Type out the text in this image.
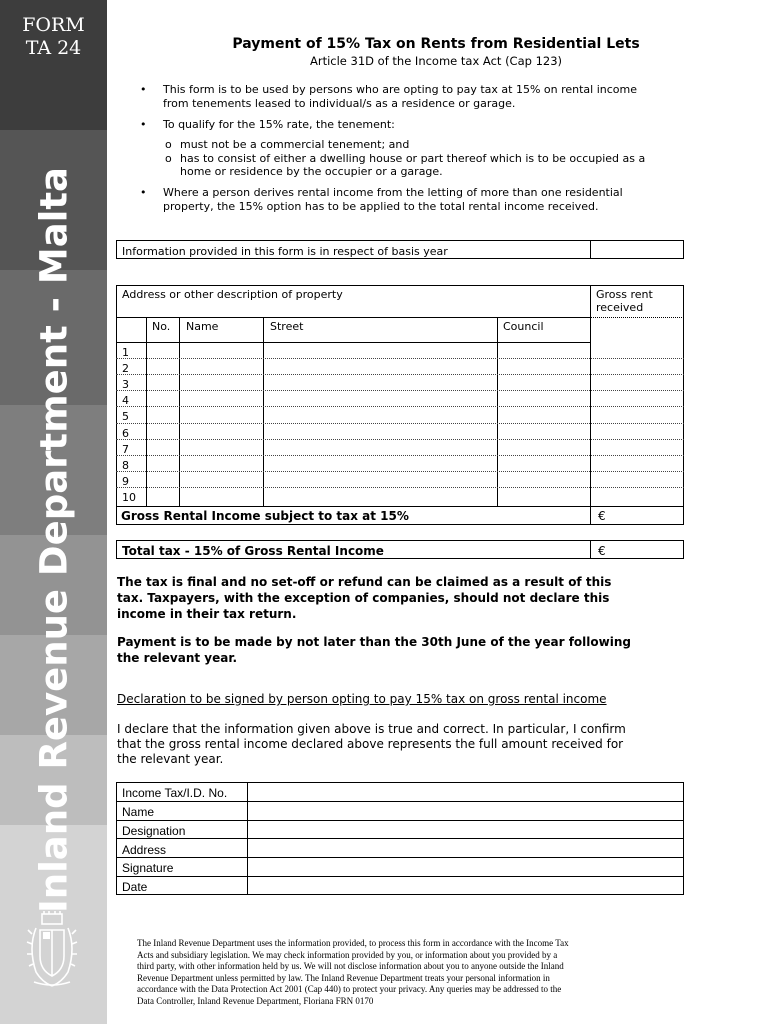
FORM
TA 24
Inland Revenue Department - Malta
Payment of 15% Tax on Rents from Residential Lets
Article 31D of the Income tax Act (Cap 123)
• This form is to be used by persons who are opting to pay tax at 15% on rental income
from tenements leased to individual/s as a residence or garage.
• To qualify for the 15% rate, the tenement:
o must not be a commercial tenement; and
o has to consist of either a dwelling house or part thereof which is to be occupied as a
home or residence by the occupier or a garage.
• Where a person derives rental income from the letting of more than one residential
property, the 15% option has to be applied to the total rental income received.
Information provided in this form is in respect of basis year
Address or other description of property	Gross rent
received
No. Name	Street	Council
1
2
3
4
5
6
7
8
9
10
Gross Rental Income subject to tax at 15%	€
Total tax - 15% of Gross Rental Income	€
The tax is final and no set-off or refund can be claimed as a result of this
tax. Taxpayers, with the exception of companies, should not declare this
income in their tax return.
Payment is to be made by not later than the 30th June of the year following
the relevant year.
Declaration to be signed by person opting to pay 15% tax on gross rental income
I declare that the information given above is true and correct. In particular, I confirm
that the gross rental income declared above represents the full amount received for
the relevant year.
Income Tax/I.D. No.
Name
Designation
Address
Signature
Date
The Inland Revenue Department uses the information provided, to process this form in accordance with the Income Tax
Acts and subsidiary legislation. We may check information provided by you, or information about you provided by a
third party, with other information held by us. We will not disclose information about you to anyone outside the Inland
Revenue Department unless permitted by law. The Inland Revenue Department treats your personal information in
accordance with the Data Protection Act 2001 (Cap 440) to protect your privacy. Any queries may be addressed to the
Data Controller, Inland Revenue Department, Floriana FRN 0170
